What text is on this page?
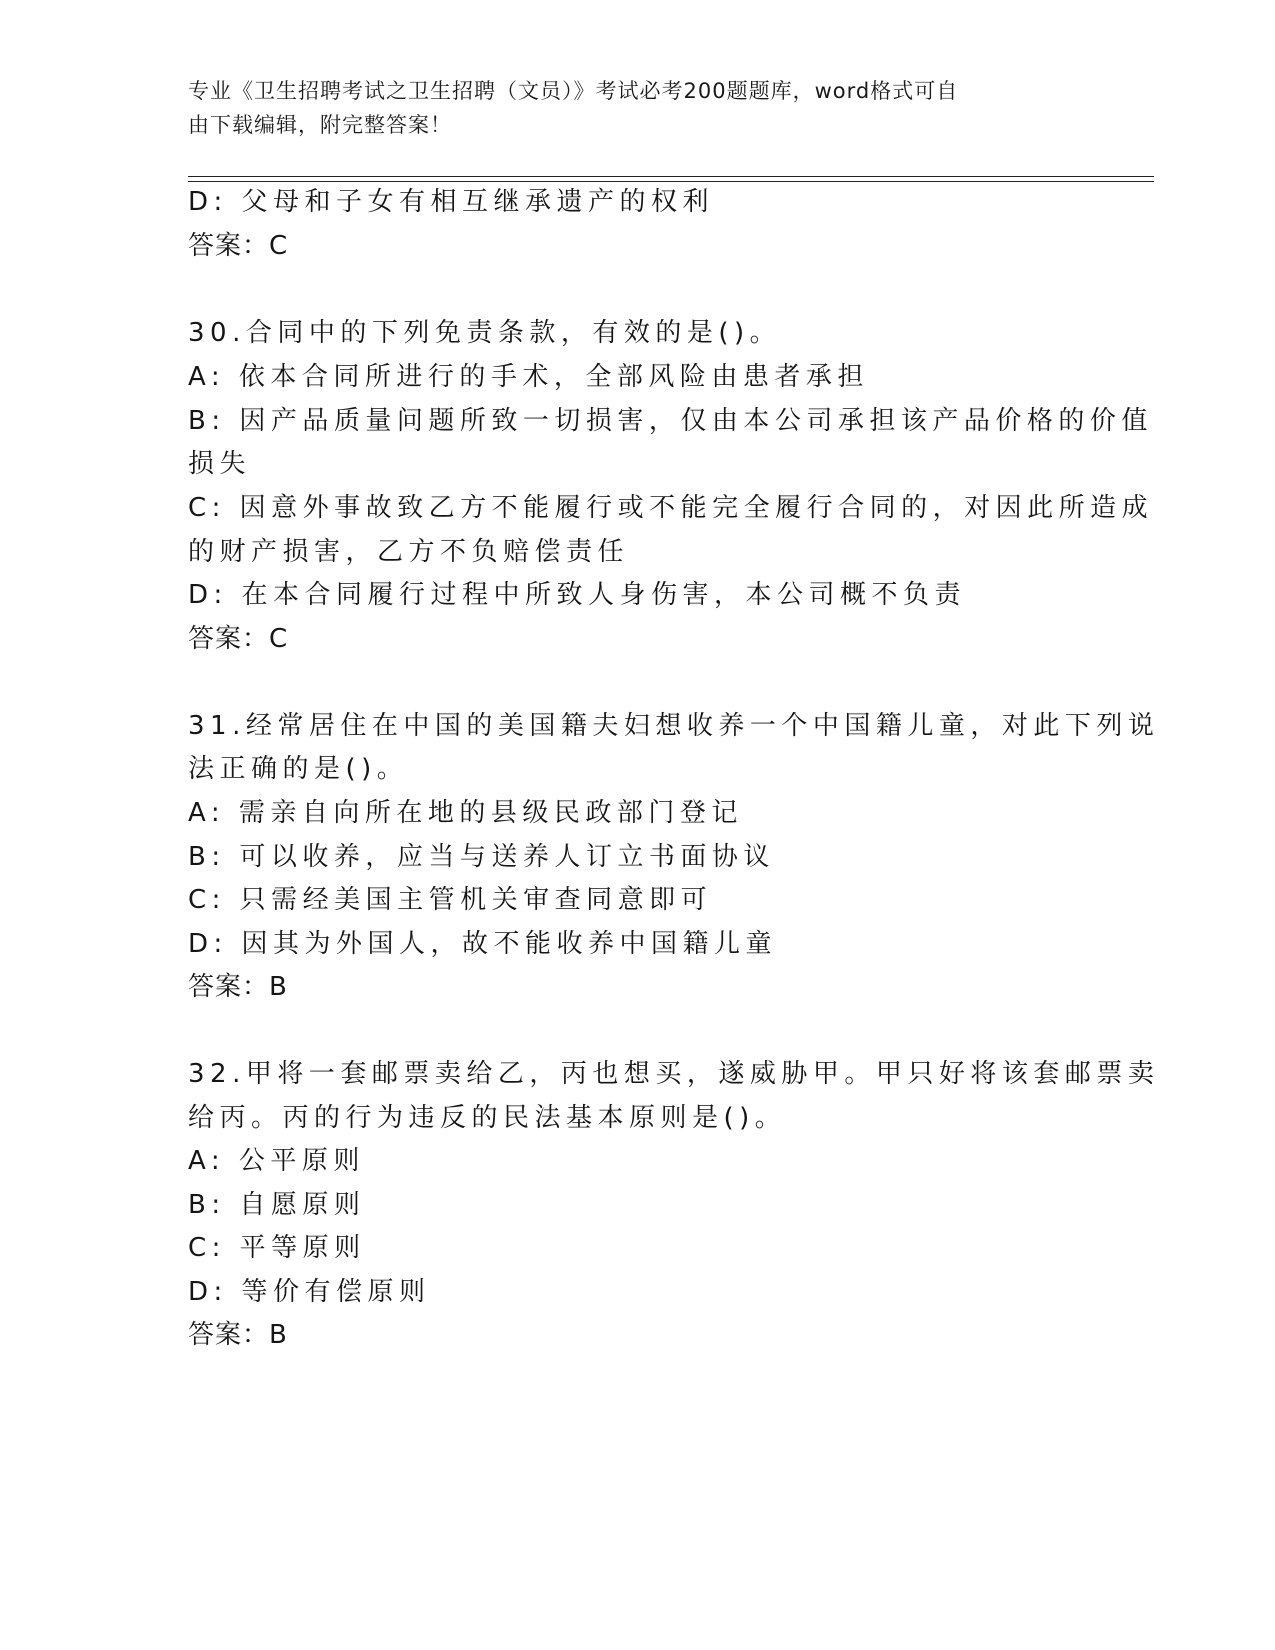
专业《卫生招聘考试之卫生招聘（文员）》考试必考200题题库，word格式可自
由下载编辑，附完整答案！
D: 父母和子女有相互继承遗产的权利
答案：C
30.合同中的下列免责条款，有效的是()。
A: 依本合同所进行的手术，全部风险由患者承担
B: 因产品质量问题所致一切损害，仅由本公司承担该产品价格的价值
损失
C: 因意外事故致乙方不能履行或不能完全履行合同的，对因此所造成
的财产损害，乙方不负赔偿责任
D: 在本合同履行过程中所致人身伤害，本公司概不负责
答案：C
31.经常居住在中国的美国籍夫妇想收养一个中国籍儿童，对此下列说
法正确的是()。
A: 需亲自向所在地的县级民政部门登记
B: 可以收养，应当与送养人订立书面协议
C: 只需经美国主管机关审查同意即可
D: 因其为外国人，故不能收养中国籍儿童
答案：B
32.甲将一套邮票卖给乙，丙也想买，遂威胁甲。甲只好将该套邮票卖
给丙。丙的行为违反的民法基本原则是()。
A: 公平原则
B: 自愿原则
C: 平等原则
D: 等价有偿原则
答案：B
